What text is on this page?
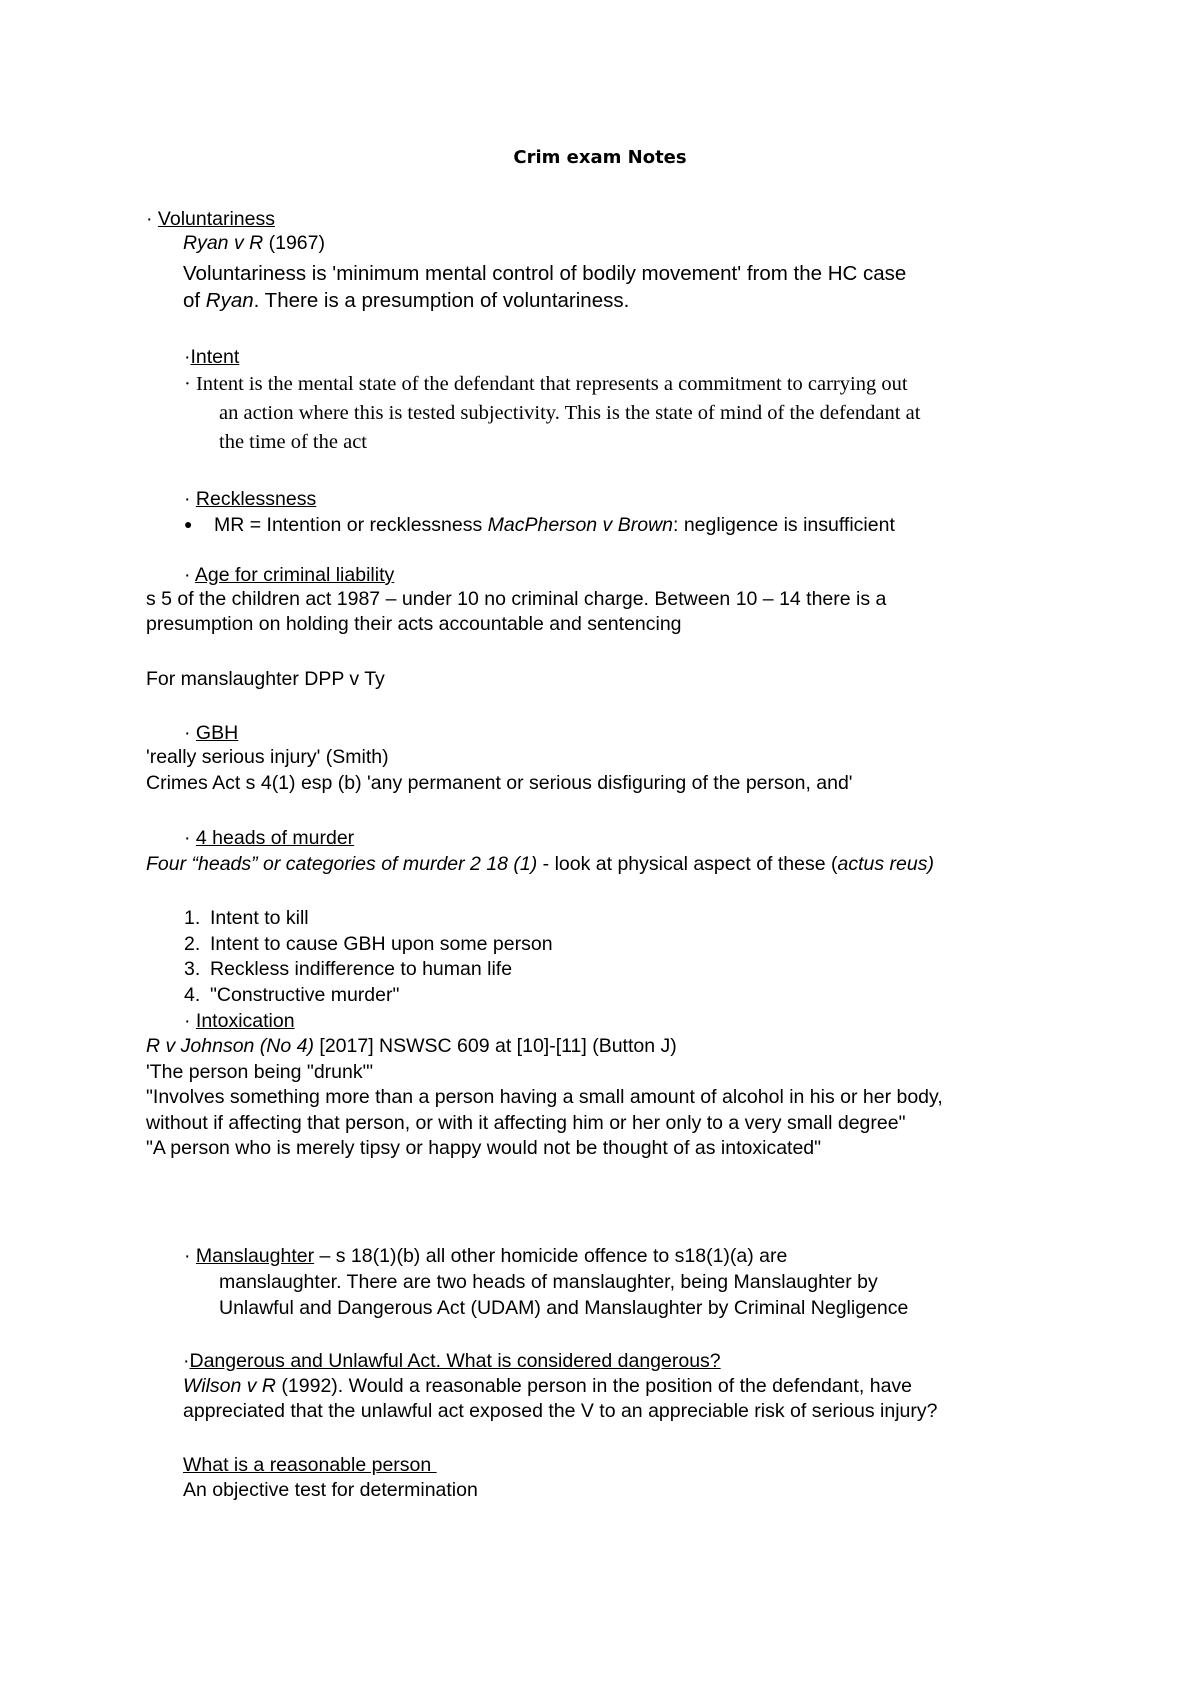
Crim exam Notes
· Voluntariness
Ryan v R (1967)
Voluntariness is 'minimum mental control of bodily movement' from the HC case
of Ryan. There is a presumption of voluntariness.
·Intent
· Intent is the mental state of the defendant that represents a commitment to carrying out
an action where this is tested subjectivity. This is the state of mind of the defendant at
the time of the act
· Recklessness
● MR = Intention or recklessness MacPherson v Brown: negligence is insufficient
· Age for criminal liability
s 5 of the children act 1987 – under 10 no criminal charge. Between 10 – 14 there is a
presumption on holding their acts accountable and sentencing
For manslaughter DPP v Ty
· GBH
'really serious injury' (Smith)
Crimes Act s 4(1) esp (b) 'any permanent or serious disfiguring of the person, and'
· 4 heads of murder
Four “heads” or categories of murder 2 18 (1) - look at physical aspect of these (actus reus)
1. Intent to kill
2. Intent to cause GBH upon some person
3. Reckless indifference to human life
4. "Constructive murder"
· Intoxication
R v Johnson (No 4) [2017] NSWSC 609 at [10]-[11] (Button J)
'The person being "drunk"'
"Involves something more than a person having a small amount of alcohol in his or her body,
without if affecting that person, or with it affecting him or her only to a very small degree"
"A person who is merely tipsy or happy would not be thought of as intoxicated"
· Manslaughter – s 18(1)(b) all other homicide offence to s18(1)(a) are
manslaughter. There are two heads of manslaughter, being Manslaughter by
Unlawful and Dangerous Act (UDAM) and Manslaughter by Criminal Negligence
·Dangerous and Unlawful Act. What is considered dangerous?
Wilson v R (1992). Would a reasonable person in the position of the defendant, have
appreciated that the unlawful act exposed the V to an appreciable risk of serious injury?
What is a reasonable person
An objective test for determination
